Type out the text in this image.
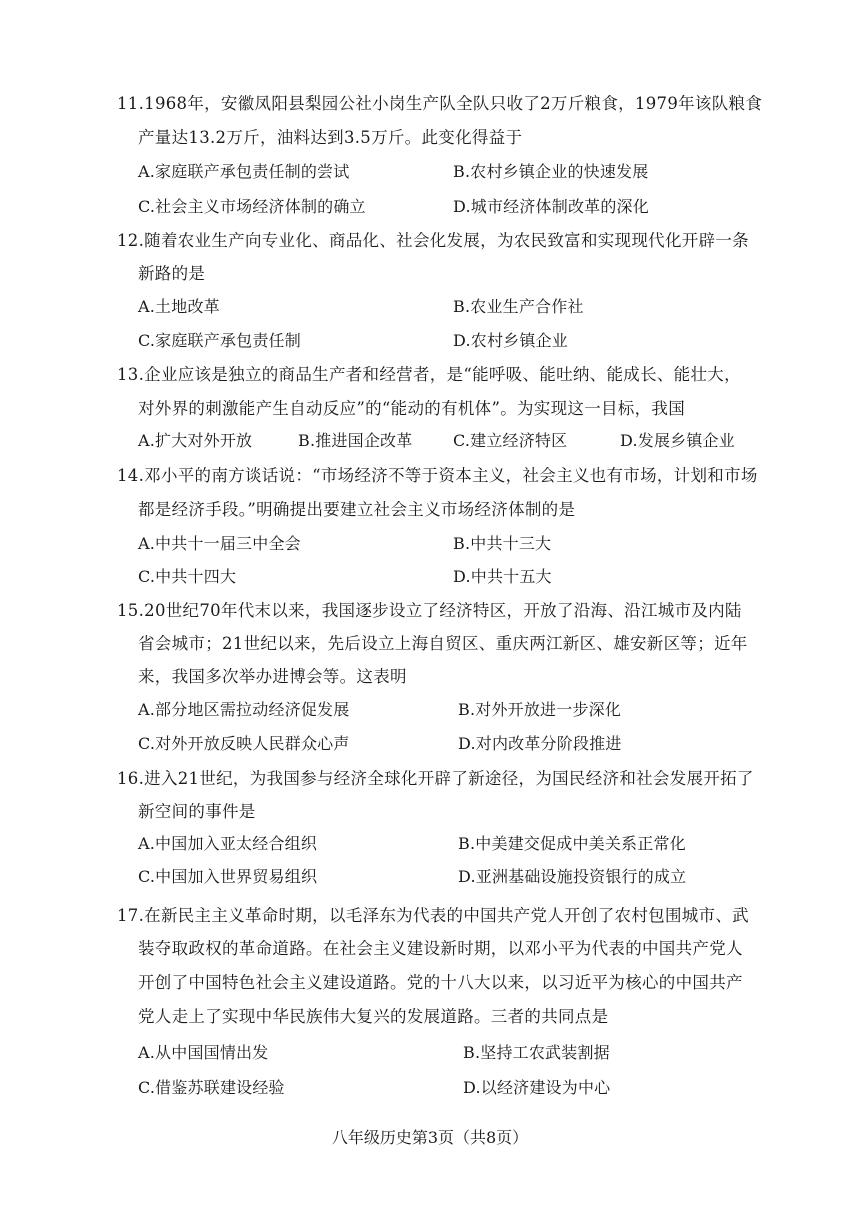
11.1968年，安徽凤阳县梨园公社小岗生产队全队只收了2万斤粮食，1979年该队粮食
产量达13.2万斤，油料达到3.5万斤。此变化得益于
A.家庭联产承包责任制的尝试	B.农村乡镇企业的快速发展
C.社会主义市场经济体制的确立	D.城市经济体制改革的深化
12.随着农业生产向专业化、商品化、社会化发展，为农民致富和实现现代化开辟一条
新路的是
A.土地改革	B.农业生产合作社
C.家庭联产承包责任制	D.农村乡镇企业
13.企业应该是独立的商品生产者和经营者，是“能呼吸、能吐纳、能成长、能壮大，
对外界的刺激能产生自动反应”的“能动的有机体”。为实现这一目标，我国
A.扩大对外开放	B.推进国企改革	C.建立经济特区	D.发展乡镇企业
14.邓小平的南方谈话说：“市场经济不等于资本主义，社会主义也有市场，计划和市场
都是经济手段。”明确提出要建立社会主义市场经济体制的是
A.中共十一届三中全会	B.中共十三大
C.中共十四大	D.中共十五大
15.20世纪70年代末以来，我国逐步设立了经济特区，开放了沿海、沿江城市及内陆
省会城市；21世纪以来，先后设立上海自贸区、重庆两江新区、雄安新区等；近年
来，我国多次举办进博会等。这表明
A.部分地区需拉动经济促发展	B.对外开放进一步深化
C.对外开放反映人民群众心声	D.对内改革分阶段推进
16.进入21世纪，为我国参与经济全球化开辟了新途径，为国民经济和社会发展开拓了
新空间的事件是
A.中国加入亚太经合组织	B.中美建交促成中美关系正常化
C.中国加入世界贸易组织	D.亚洲基础设施投资银行的成立
17.在新民主主义革命时期，以毛泽东为代表的中国共产党人开创了农村包围城市、武
装夺取政权的革命道路。在社会主义建设新时期，以邓小平为代表的中国共产党人
开创了中国特色社会主义建设道路。党的十八大以来，以习近平为核心的中国共产
党人走上了实现中华民族伟大复兴的发展道路。三者的共同点是
A.从中国国情出发	B.坚持工农武装割据
C.借鉴苏联建设经验	D.以经济建设为中心
八年级历史第3页（共8页）
